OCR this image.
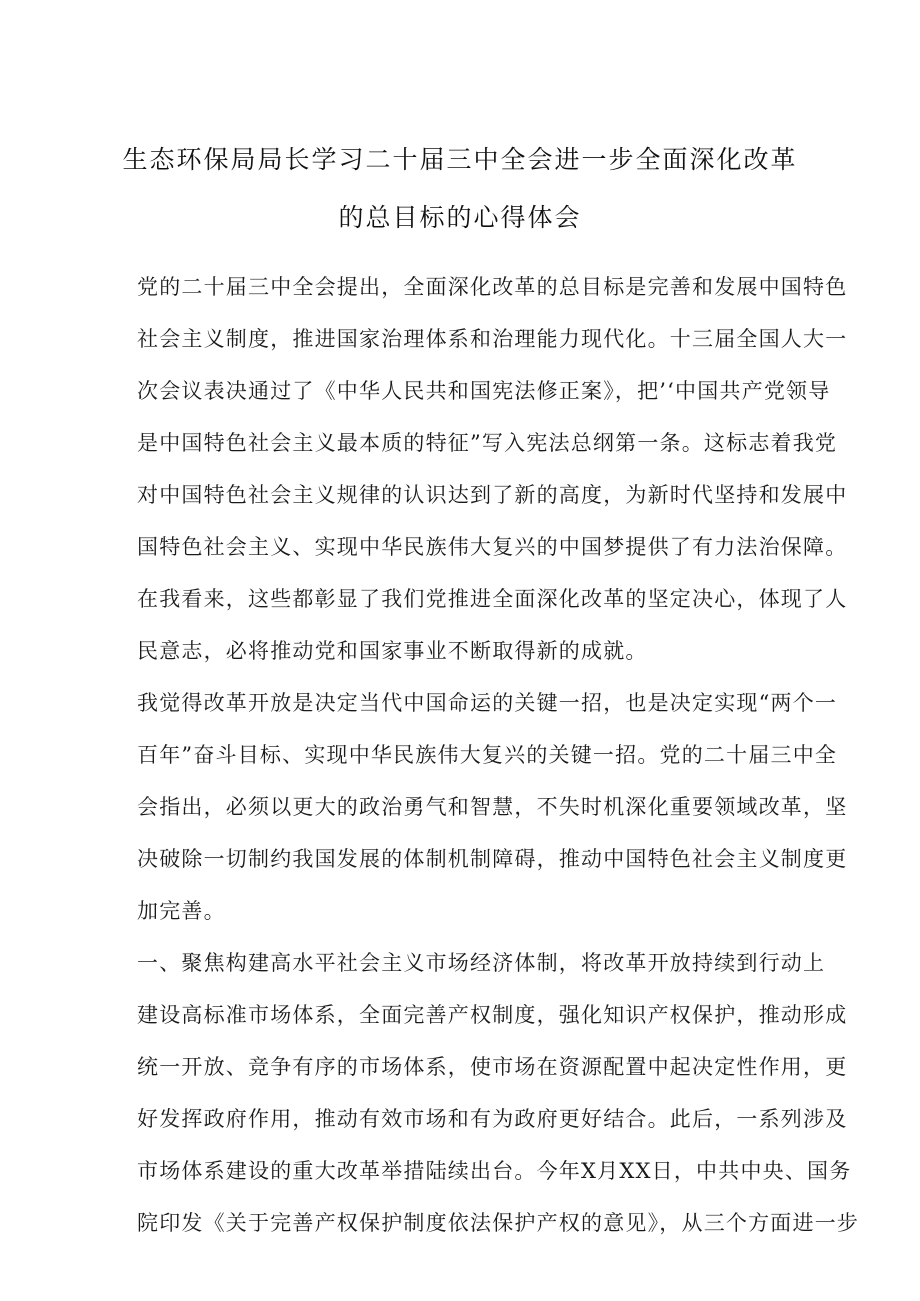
生态环保局局长学习二十届三中全会进一步全面深化改革
的总目标的心得体会
党的二十届三中全会提出，全面深化改革的总目标是完善和发展中国特色
社会主义制度，推进国家治理体系和治理能力现代化。十三届全国人大一
次会议表决通过了《中华人民共和国宪法修正案》，把’‘中国共产党领导
是中国特色社会主义最本质的特征”写入宪法总纲第一条。这标志着我党
对中国特色社会主义规律的认识达到了新的高度，为新时代坚持和发展中
国特色社会主义、实现中华民族伟大复兴的中国梦提供了有力法治保障。
在我看来，这些都彰显了我们党推进全面深化改革的坚定决心，体现了人
民意志，必将推动党和国家事业不断取得新的成就。
我觉得改革开放是决定当代中国命运的关键一招，也是决定实现“两个一
百年”奋斗目标、实现中华民族伟大复兴的关键一招。党的二十届三中全
会指出，必须以更大的政治勇气和智慧，不失时机深化重要领域改革，坚
决破除一切制约我国发展的体制机制障碍，推动中国特色社会主义制度更
加完善。
一、聚焦构建高水平社会主义市场经济体制，将改革开放持续到行动上
建设高标准市场体系，全面完善产权制度，强化知识产权保护，推动形成
统一开放、竞争有序的市场体系，使市场在资源配置中起决定性作用，更
好发挥政府作用，推动有效市场和有为政府更好结合。此后，一系列涉及
市场体系建设的重大改革举措陆续出台。今年X月XX日，中共中央、国务
院印发《关于完善产权保护制度依法保护产权的意见》，从三个方面进一步
